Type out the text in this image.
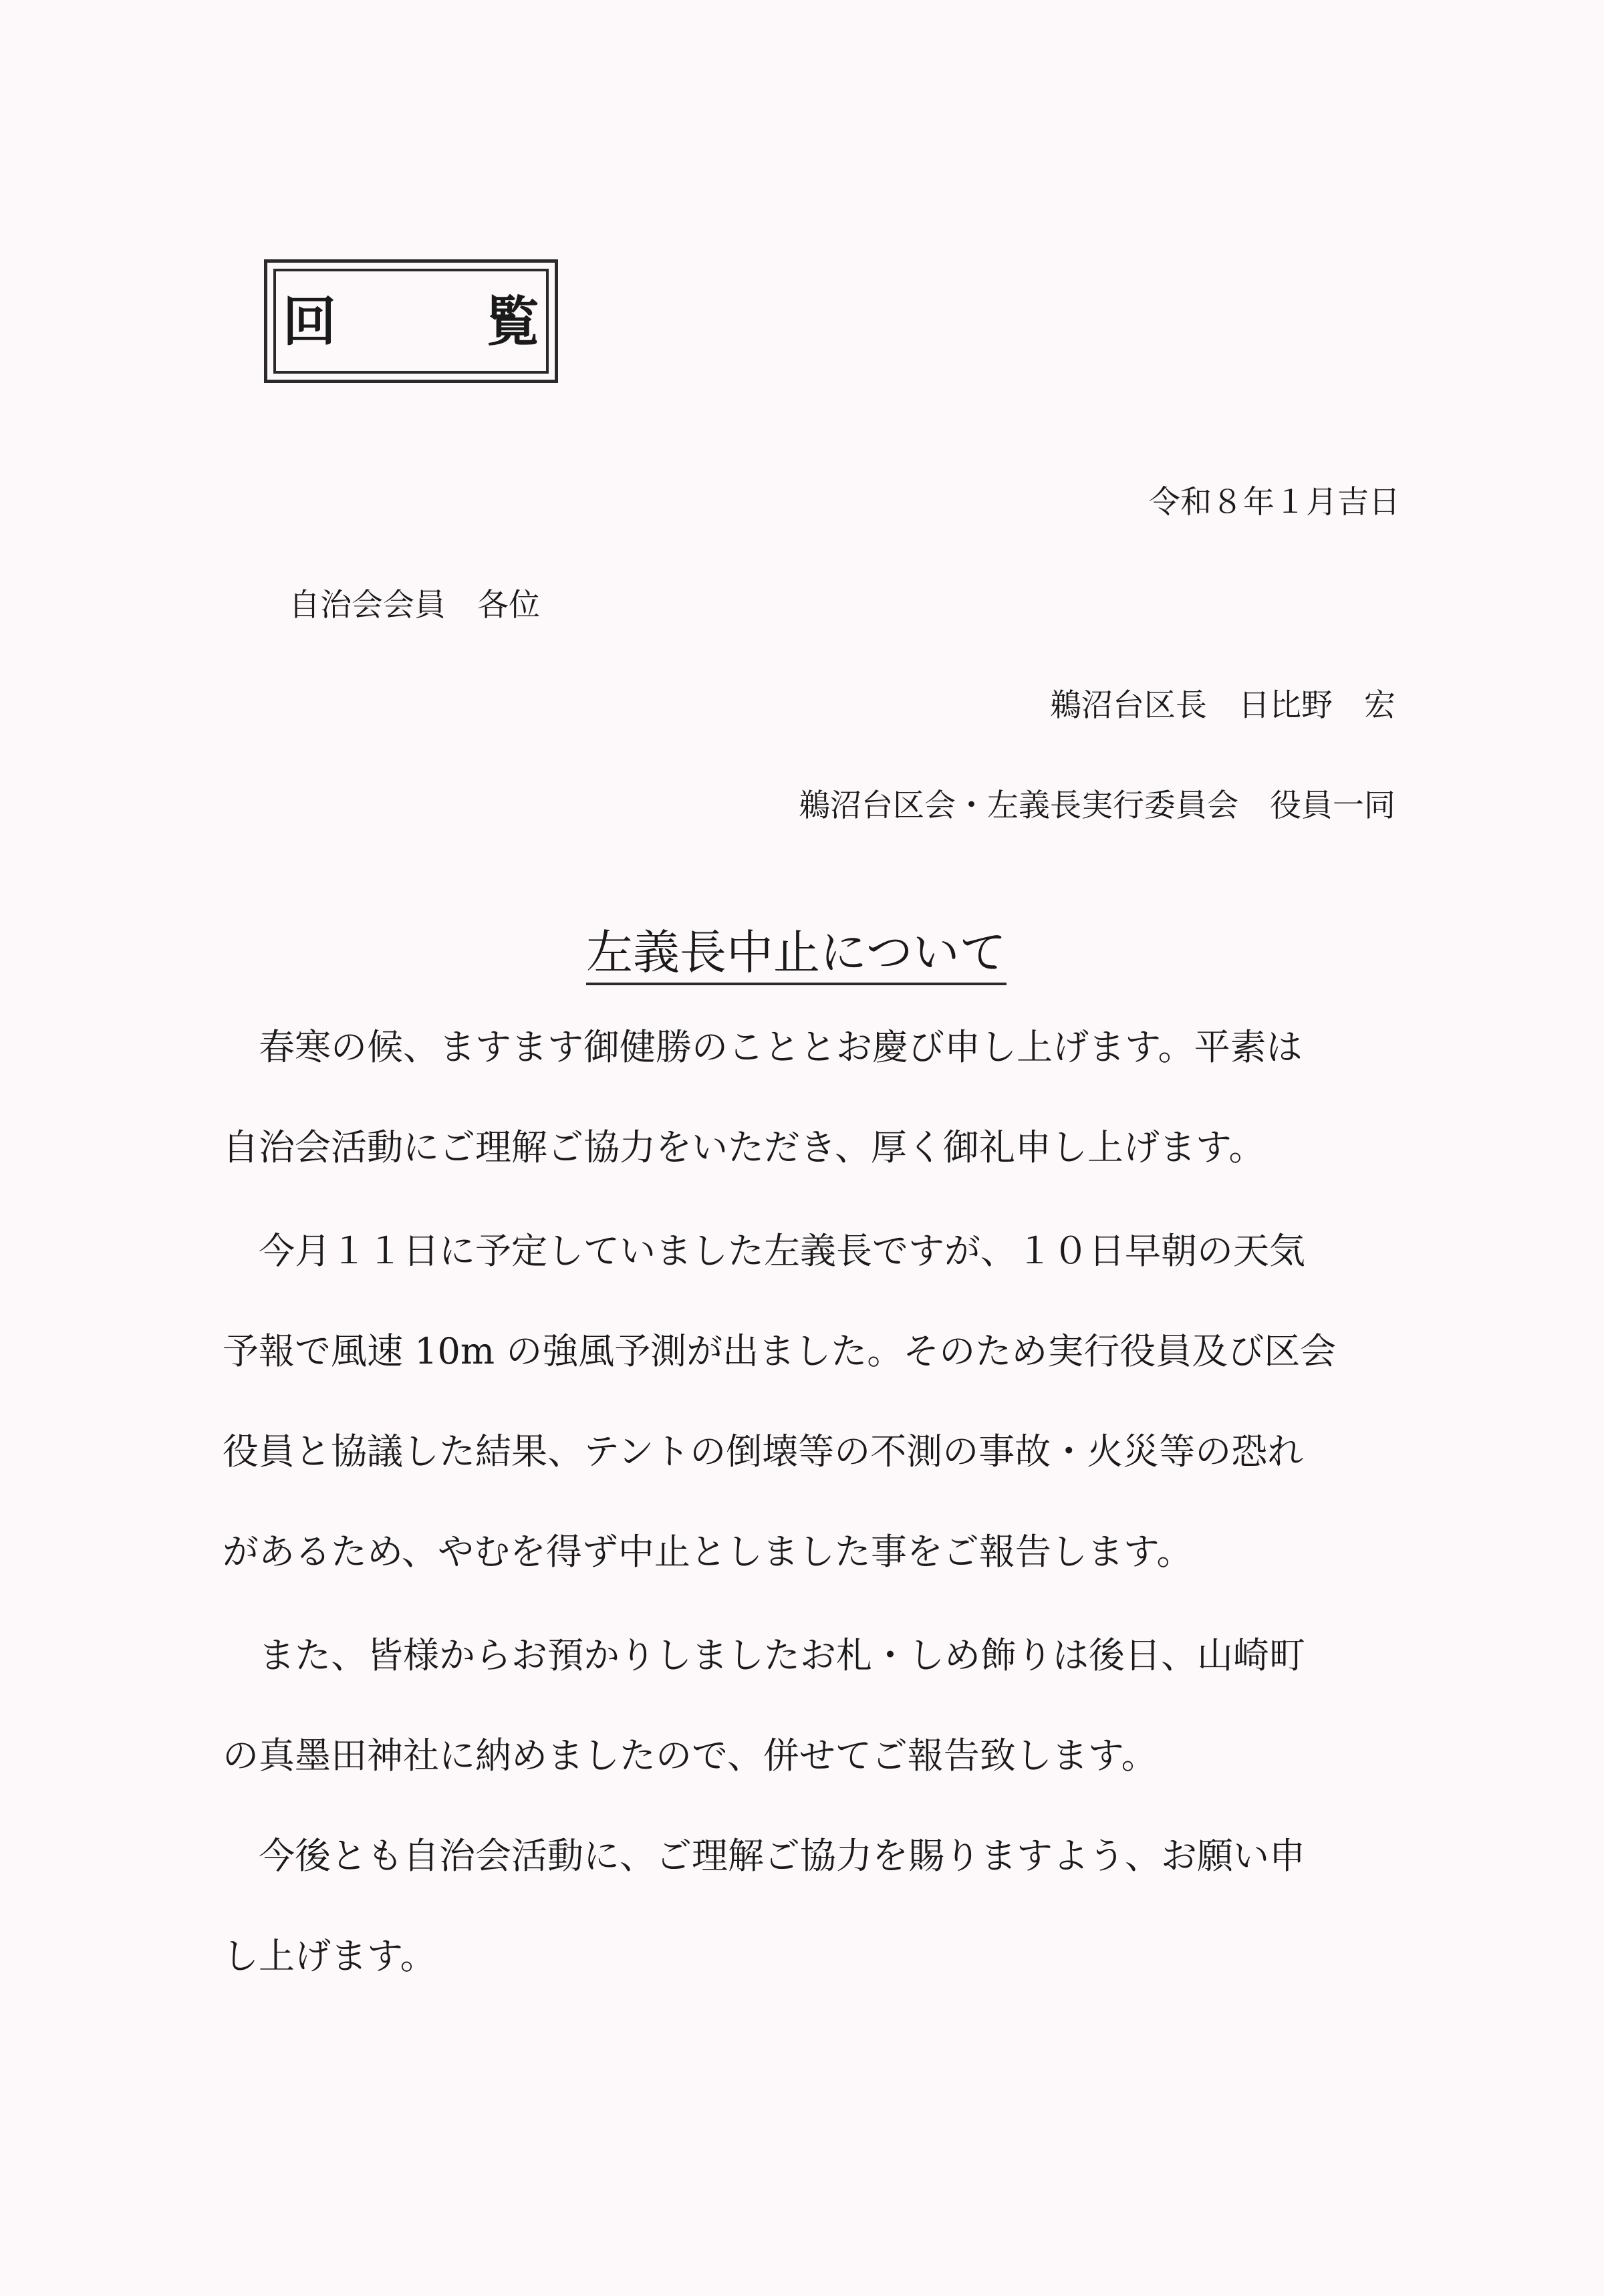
回　覧
令和８年１月吉日
自治会会員　各位
鵜沼台区長　日比野　宏
鵜沼台区会・左義長実行委員会　役員一同
左義長中止について
　春寒の候、ますます御健勝のこととお慶び申し上げます。平素は
自治会活動にご理解ご協力をいただき、厚く御礼申し上げます。
　今月１１日に予定していました左義長ですが、１０日早朝の天気
予報で風速 10m の強風予測が出ました。そのため実行役員及び区会
役員と協議した結果、テントの倒壊等の不測の事故・火災等の恐れ
があるため、やむを得ず中止としました事をご報告します。
　また、皆様からお預かりしましたお札・しめ飾りは後日、山崎町
の真墨田神社に納めましたので、併せてご報告致します。
　今後とも自治会活動に、ご理解ご協力を賜りますよう、お願い申
し上げます。
